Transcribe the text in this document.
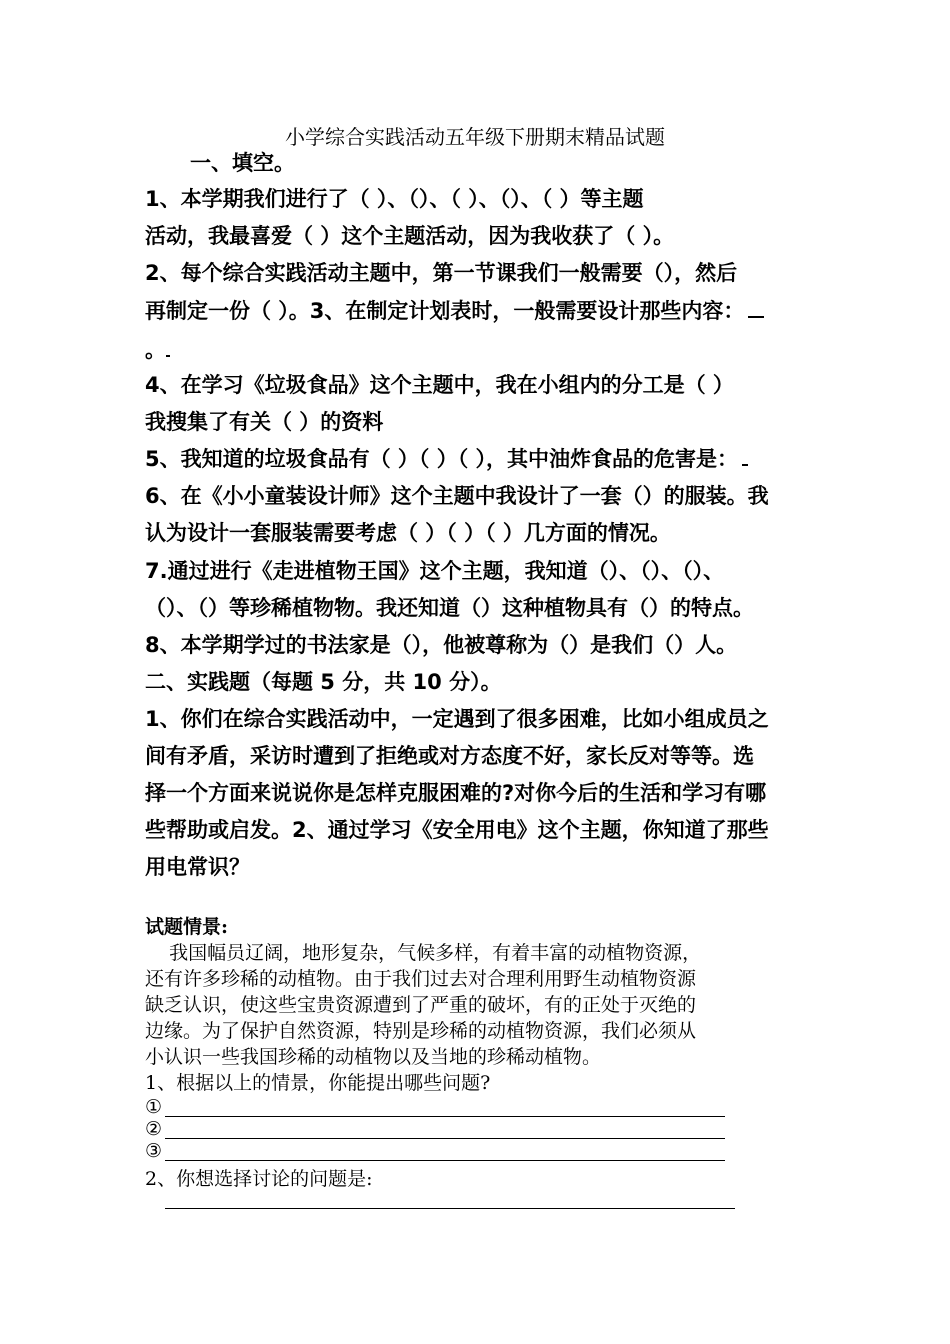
小学综合实践活动五年级下册期末精品试题
一、填空。
1、本学期我们进行了（ ）、（）、（ ）、（）、（ ）等主题
活动，我最喜爱（ ）这个主题活动，因为我收获了（ ）。
2、每个综合实践活动主题中，第一节课我们一般需要（），然后
再制定一份（ ）。3、在制定计划表时，一般需要设计那些内容：
。
4、在学习《垃圾食品》这个主题中，我在小组内的分工是（ ）
我搜集了有关（ ）的资料
5、我知道的垃圾食品有（ ）（ ）（ ），其中油炸食品的危害是：
6、在《小小童装设计师》这个主题中我设计了一套（）的服装。我
认为设计一套服装需要考虑（ ）（ ）（ ）几方面的情况。
7.通过进行《走进植物王国》这个主题，我知道（）、（）、（）、
（）、（）等珍稀植物物。我还知道（）这种植物具有（）的特点。
8、本学期学过的书法家是（），他被尊称为（）是我们（）人。
二、实践题（每题 5 分，共 10 分）。
1、你们在综合实践活动中，一定遇到了很多困难，比如小组成员之
间有矛盾，采访时遭到了拒绝或对方态度不好，家长反对等等。选
择一个方面来说说你是怎样克服困难的?对你今后的生活和学习有哪
些帮助或启发。2、通过学习《安全用电》这个主题，你知道了那些
用电常识？
试题情景:
我国幅员辽阔，地形复杂，气候多样，有着丰富的动植物资源，
还有许多珍稀的动植物。由于我们过去对合理利用野生动植物资源
缺乏认识，使这些宝贵资源遭到了严重的破坏，有的正处于灭绝的
边缘。为了保护自然资源，特别是珍稀的动植物资源，我们必须从
小认识一些我国珍稀的动植物以及当地的珍稀动植物。
1、根据以上的情景，你能提出哪些问题?
①
②
③
2、你想选择讨论的问题是:
